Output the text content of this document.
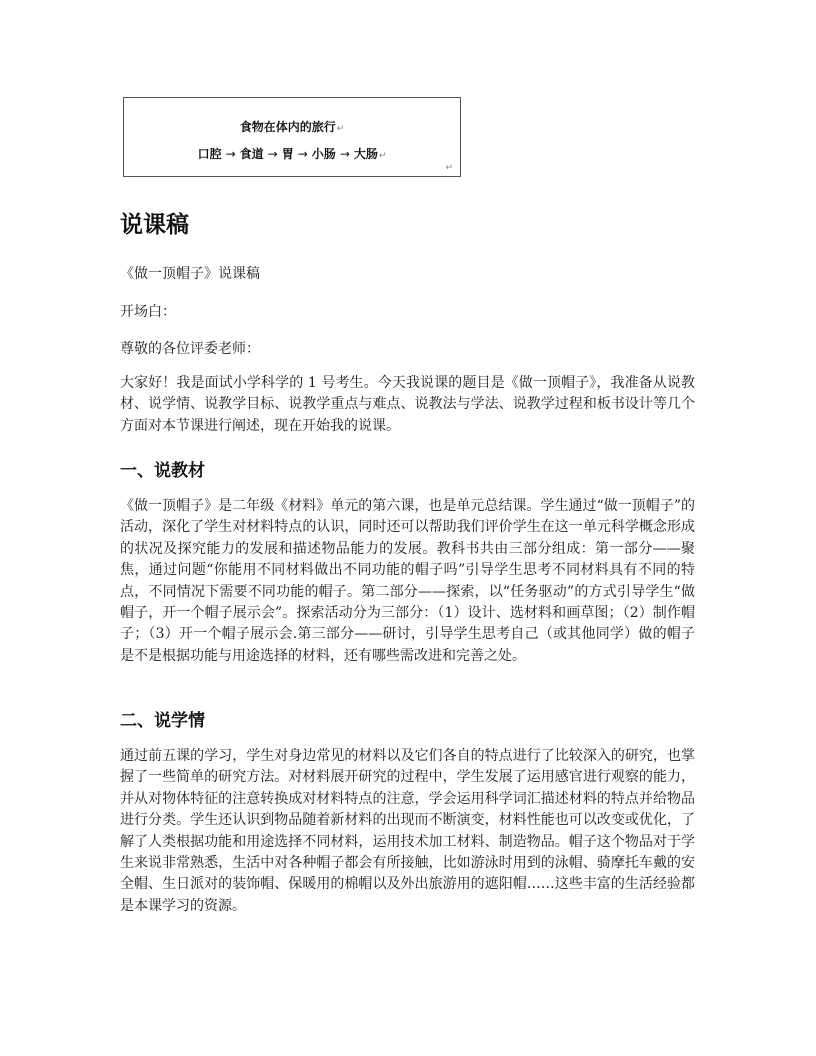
食物在体内的旅行↵
口腔 → 食道 → 胃 → 小肠 → 大肠↵
↵
说课稿

《做一顶帽子》说课稿

开场白：

尊敬的各位评委老师：

大家好！我是面试小学科学的 1 号考生。今天我说课的题目是《做一顶帽子》，我准备从说教材、说学情、说教学目标、说教学重点与难点、说教法与学法、说教学过程和板书设计等几个方面对本节课进行阐述，现在开始我的说课。

一、说教材

《做一顶帽子》是二年级《材料》单元的第六课，也是单元总结课。学生通过“做一顶帽子”的活动，深化了学生对材料特点的认识，同时还可以帮助我们评价学生在这一单元科学概念形成的状况及探究能力的发展和描述物品能力的发展。教科书共由三部分组成：第一部分——聚焦，通过问题“你能用不同材料做出不同功能的帽子吗”引导学生思考不同材料具有不同的特点，不同情况下需要不同功能的帽子。第二部分——探索，以“任务驱动”的方式引导学生“做帽子，开一个帽子展示会”。探索活动分为三部分：（1）设计、选材料和画草图；（2）制作帽子；（3）开一个帽子展示会.第三部分——研讨，引导学生思考自己（或其他同学）做的帽子是不是根据功能与用途选择的材料，还有哪些需改进和完善之处。

二、说学情

通过前五课的学习，学生对身边常见的材料以及它们各自的特点进行了比较深入的研究，也掌握了一些简单的研究方法。对材料展开研究的过程中，学生发展了运用感官进行观察的能力，并从对物体特征的注意转换成对材料特点的注意，学会运用科学词汇描述材料的特点并给物品进行分类。学生还认识到物品随着新材料的出现而不断演变，材料性能也可以改变或优化，了解了人类根据功能和用途选择不同材料，运用技术加工材料、制造物品。帽子这个物品对于学生来说非常熟悉，生活中对各种帽子都会有所接触，比如游泳时用到的泳帽、骑摩托车戴的安全帽、生日派对的装饰帽、保暖用的棉帽以及外出旅游用的遮阳帽……这些丰富的生活经验都是本课学习的资源。
